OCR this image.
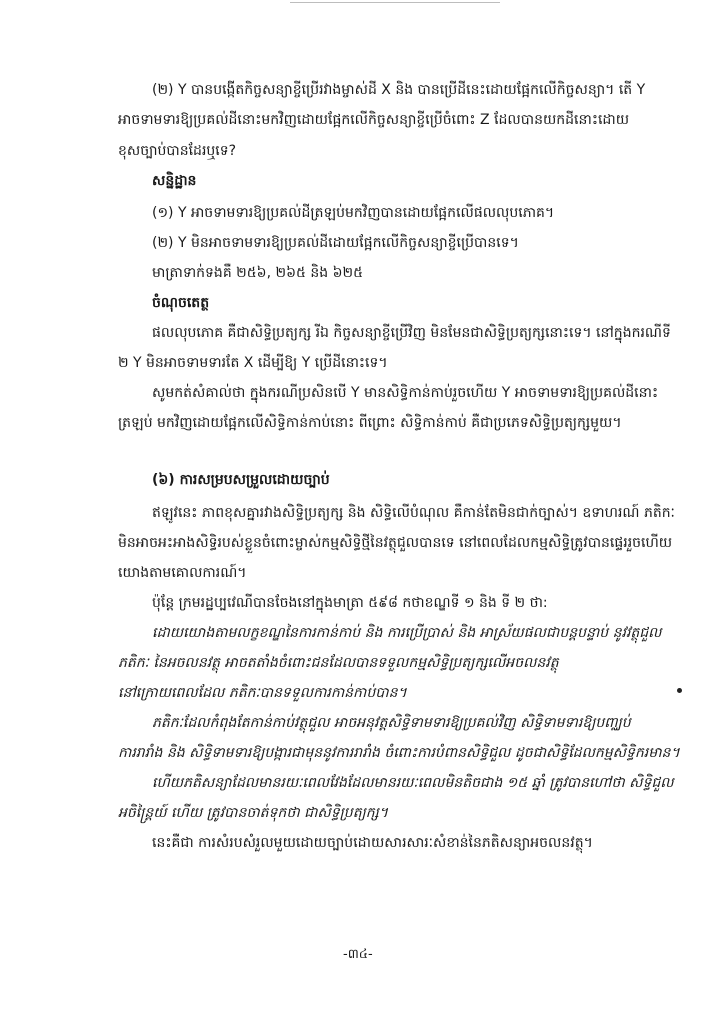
(២) Y បានបង្កើតកិច្ចសន្យាខ្ចីប្រើរវាងម្ចាស់ដី X និង បានប្រើដីនេះដោយផ្អែកលើកិច្ចសន្យា។ តើ Y

អាចទាមទារឱ្យប្រគល់ដីនោះមកវិញដោយផ្អែកលើកិច្ចសន្យាខ្ចីប្រើចំពោះ Z ដែលបានយកដីនោះដោយ

ខុសច្បាប់បានដែរឬទេ?

សន្និដ្ឋាន

(១) Y អាចទាមទារឱ្យប្រគល់ដីត្រឡប់មកវិញបានដោយផ្អែកលើផលលុបភោគ។

(២) Y មិនអាចទាមទារឱ្យប្រគល់ដីដោយផ្អែកលើកិច្ចសន្យាខ្ចីប្រើបានទេ។

មាត្រាទាក់ទងគឺ ២៥៦, ២៦៥ និង ៦២៥

ចំណុចតេត្ថ

ផលលុបភោគ គឺជាសិទ្ធិប្រត្យក្ស រីឯ កិច្ចសន្យាខ្ចីប្រើវិញ មិនមែនជាសិទ្ធិប្រត្យក្សនោះទេ។ នៅក្នុងករណីទី

២ Y មិនអាចទាមទារតែ X ដើម្បីឱ្យ Y ប្រើដីនោះទេ។

សូមកត់សំគាល់ថា ក្នុងករណីប្រសិនបើ Y មានសិទ្ធិកាន់កាប់រួចហើយ Y អាចទាមទារឱ្យប្រគល់ដីនោះ

ត្រឡប់ មកវិញដោយផ្អែកលើសិទ្ធិកាន់កាប់នោះ ពីព្រោះ សិទ្ធិកាន់កាប់ គឺជាប្រភេទសិទ្ធិប្រត្យក្សមួយ។

(៦) ការសម្របសម្រួលដោយច្បាប់

ឥឡូវនេះ ភាពខុសគ្នារវាងសិទ្ធិប្រត្យក្ស និង សិទ្ធិលើបំណុល គឺកាន់តែមិនជាក់ច្បាស់។ ឧទាហរណ៍ ភតិកៈ

មិនអាចអះអាងសិទ្ធិរបស់ខ្លួនចំពោះម្ចាស់កម្មសិទ្ធិថ្មីនៃវត្ថុជួលបានទេ នៅពេលដែលកម្មសិទ្ធិត្រូវបានផ្ទេររួចហើយ

យោងតាមគោលការណ៍។

ប៉ុន្តែ ក្រមរដ្ឋប្បវេណីបានចែងនៅក្នុងមាត្រា ៥៩៨ កថាខណ្ឌទី ១ និង ទី ២ ថា:

ដោយយោងតាមលក្ខខណ្ឌនៃការកាន់កាប់ និង ការប្រើប្រាស់ និង អាស្រ័យផលជាបន្តបន្ទាប់ នូវវត្ថុជួល

ភតិកៈ នៃអចលនវត្ថុ អាចតតាំងចំពោះជនដែលបានទទួលកម្មសិទ្ធិប្រត្យក្សលើអចលនវត្ថុ

នៅក្រោយពេលដែល ភតិកៈបានទទួលការកាន់កាប់បាន។

ភតិកៈដែលកំពុងតែកាន់កាប់វត្ថុជួល អាចអនុវត្តសិទ្ធិទាមទារឱ្យប្រគល់វិញ សិទ្ធិទាមទារឱ្យបញ្ឈប់

ការរារាំង និង សិទ្ធិទាមទារឱ្យបង្ការជាមុននូវការរារាំង ចំពោះការបំពានសិទ្ធិជួល ដូចជាសិទ្ធិដែលកម្មសិទ្ធិករមាន។

ហើយភតិសន្យាដែលមានរយៈពេលវែងដែលមានរយៈពេលមិនតិចជាង ១៥ ឆ្នាំ ត្រូវបានហៅថា សិទ្ធិជួល

អចិន្ត្រៃយ៍ ហើយ ត្រូវបានចាត់ទុកថា ជាសិទ្ធិប្រត្យក្ស។

នេះគឺជា ការសំរបសំរួលមួយដោយច្បាប់ដោយសារសារៈសំខាន់នៃភតិសន្យាអចលនវត្ថុ។

-៣៤-
